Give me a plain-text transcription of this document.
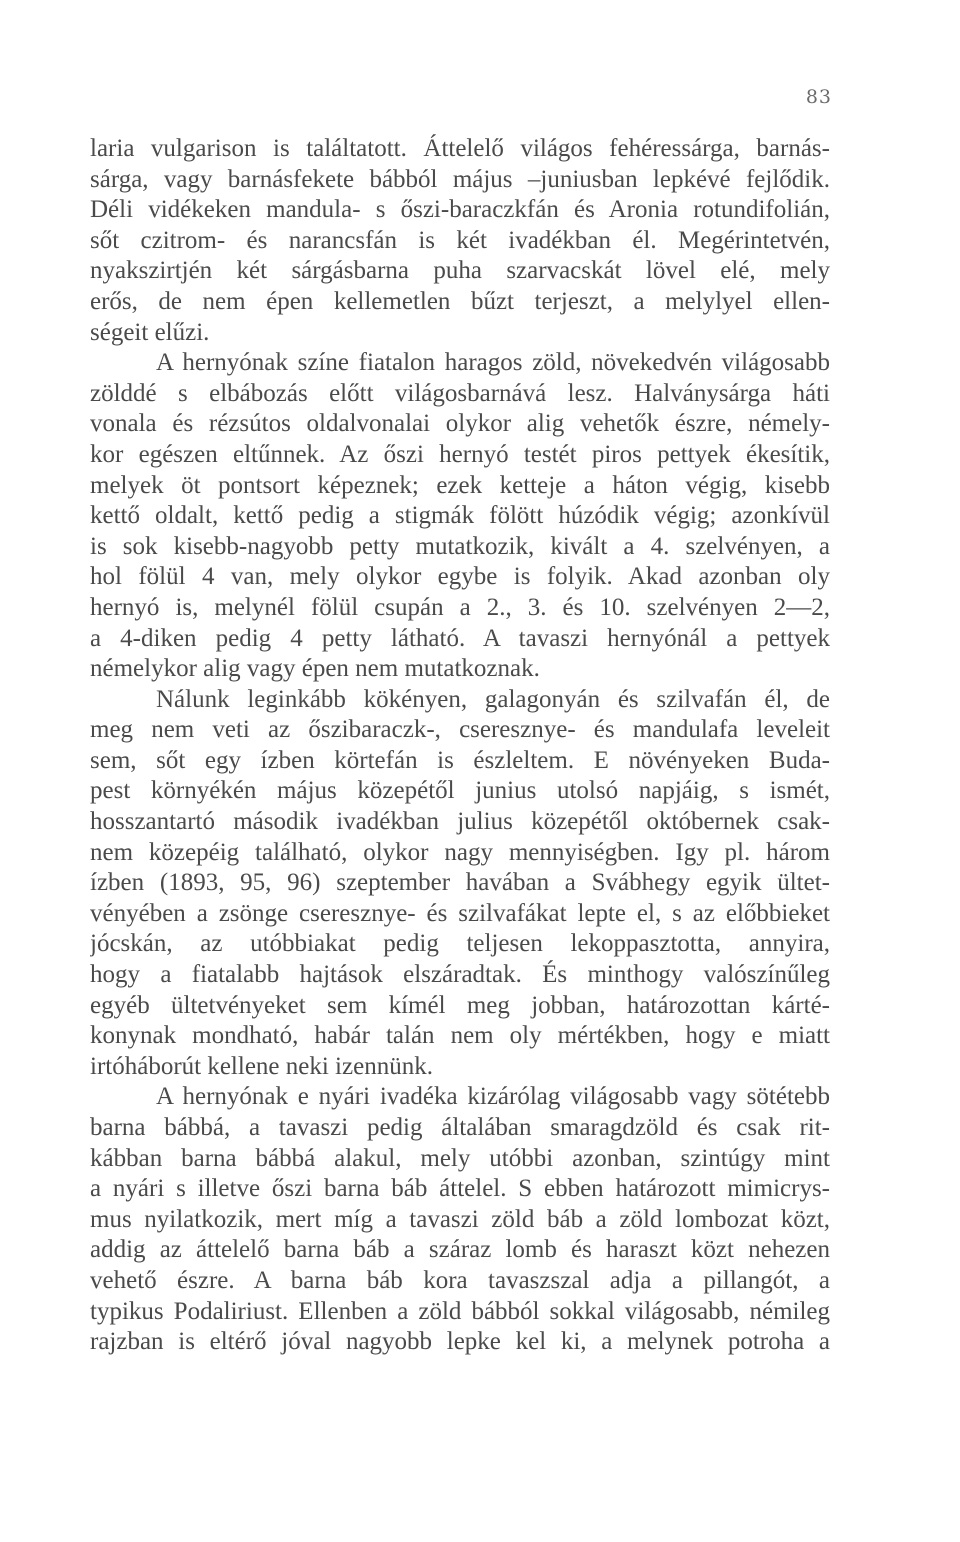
83
laria vulgarison is találtatott. Áttelelő világos fehéressárga, barnás-
sárga, vagy barnásfekete bábból május –juniusban lepkévé fejlődik.
Déli vidékeken mandula- s őszi-baraczkfán és Aronia rotundifolián,
sőt czitrom- és narancsfán is két ivadékban él. Megérintetvén,
nyakszirtjén két sárgásbarna puha szarvacskát lövel elé, mely
erős, de nem épen kellemetlen bűzt terjeszt, a melylyel ellen-
ségeit elűzi.
A hernyónak színe fiatalon haragos zöld, növekedvén világosabb
zölddé s elbábozás előtt világosbarnává lesz. Halványsárga háti
vonala és rézsútos oldalvonalai olykor alig vehetők észre, némely-
kor egészen eltűnnek. Az őszi hernyó testét piros pettyek ékesítik,
melyek öt pontsort képeznek; ezek ketteje a háton végig, kisebb
kettő oldalt, kettő pedig a stigmák fölött húzódik végig; azonkívül
is sok kisebb-nagyobb petty mutatkozik, kivált a 4. szelvényen, a
hol fölül 4 van, mely olykor egybe is folyik. Akad azonban oly
hernyó is, melynél fölül csupán a 2., 3. és 10. szelvényen 2—2,
a 4-diken pedig 4 petty látható. A tavaszi hernyónál a pettyek
némelykor alig vagy épen nem mutatkoznak.
Nálunk leginkább kökényen, galagonyán és szilvafán él, de
meg nem veti az őszibaraczk-, cseresznye- és mandulafa leveleit
sem, sőt egy ízben körtefán is észleltem. E növényeken Buda-
pest környékén május közepétől junius utolsó napjáig, s ismét,
hosszantartó második ivadékban julius közepétől októbernek csak-
nem közepéig található, olykor nagy mennyiségben. Igy pl. három
ízben (1893, 95, 96) szeptember havában a Svábhegy egyik ültet-
vényében a zsönge cseresznye- és szilvafákat lepte el, s az előbbieket
jócskán, az utóbbiakat pedig teljesen lekoppasztotta, annyira,
hogy a fiatalabb hajtások elszáradtak. És minthogy valószínűleg
egyéb ültetvényeket sem kímél meg jobban, határozottan kárté-
konynak mondható, habár talán nem oly mértékben, hogy e miatt
irtóháborút kellene neki izennünk.
A hernyónak e nyári ivadéka kizárólag világosabb vagy sötétebb
barna bábbá, a tavaszi pedig általában smaragdzöld és csak rit-
kábban barna bábbá alakul, mely utóbbi azonban, szintúgy mint
a nyári s illetve őszi barna báb áttelel. S ebben határozott mimicrys-
mus nyilatkozik, mert míg a tavaszi zöld báb a zöld lombozat közt,
addig az áttelelő barna báb a száraz lomb és haraszt közt nehezen
vehető észre. A barna báb kora tavaszszal adja a pillangót, a
typikus Podaliriust. Ellenben a zöld bábból sokkal világosabb, némileg
rajzban is eltérő jóval nagyobb lepke kel ki, a melynek potroha a
